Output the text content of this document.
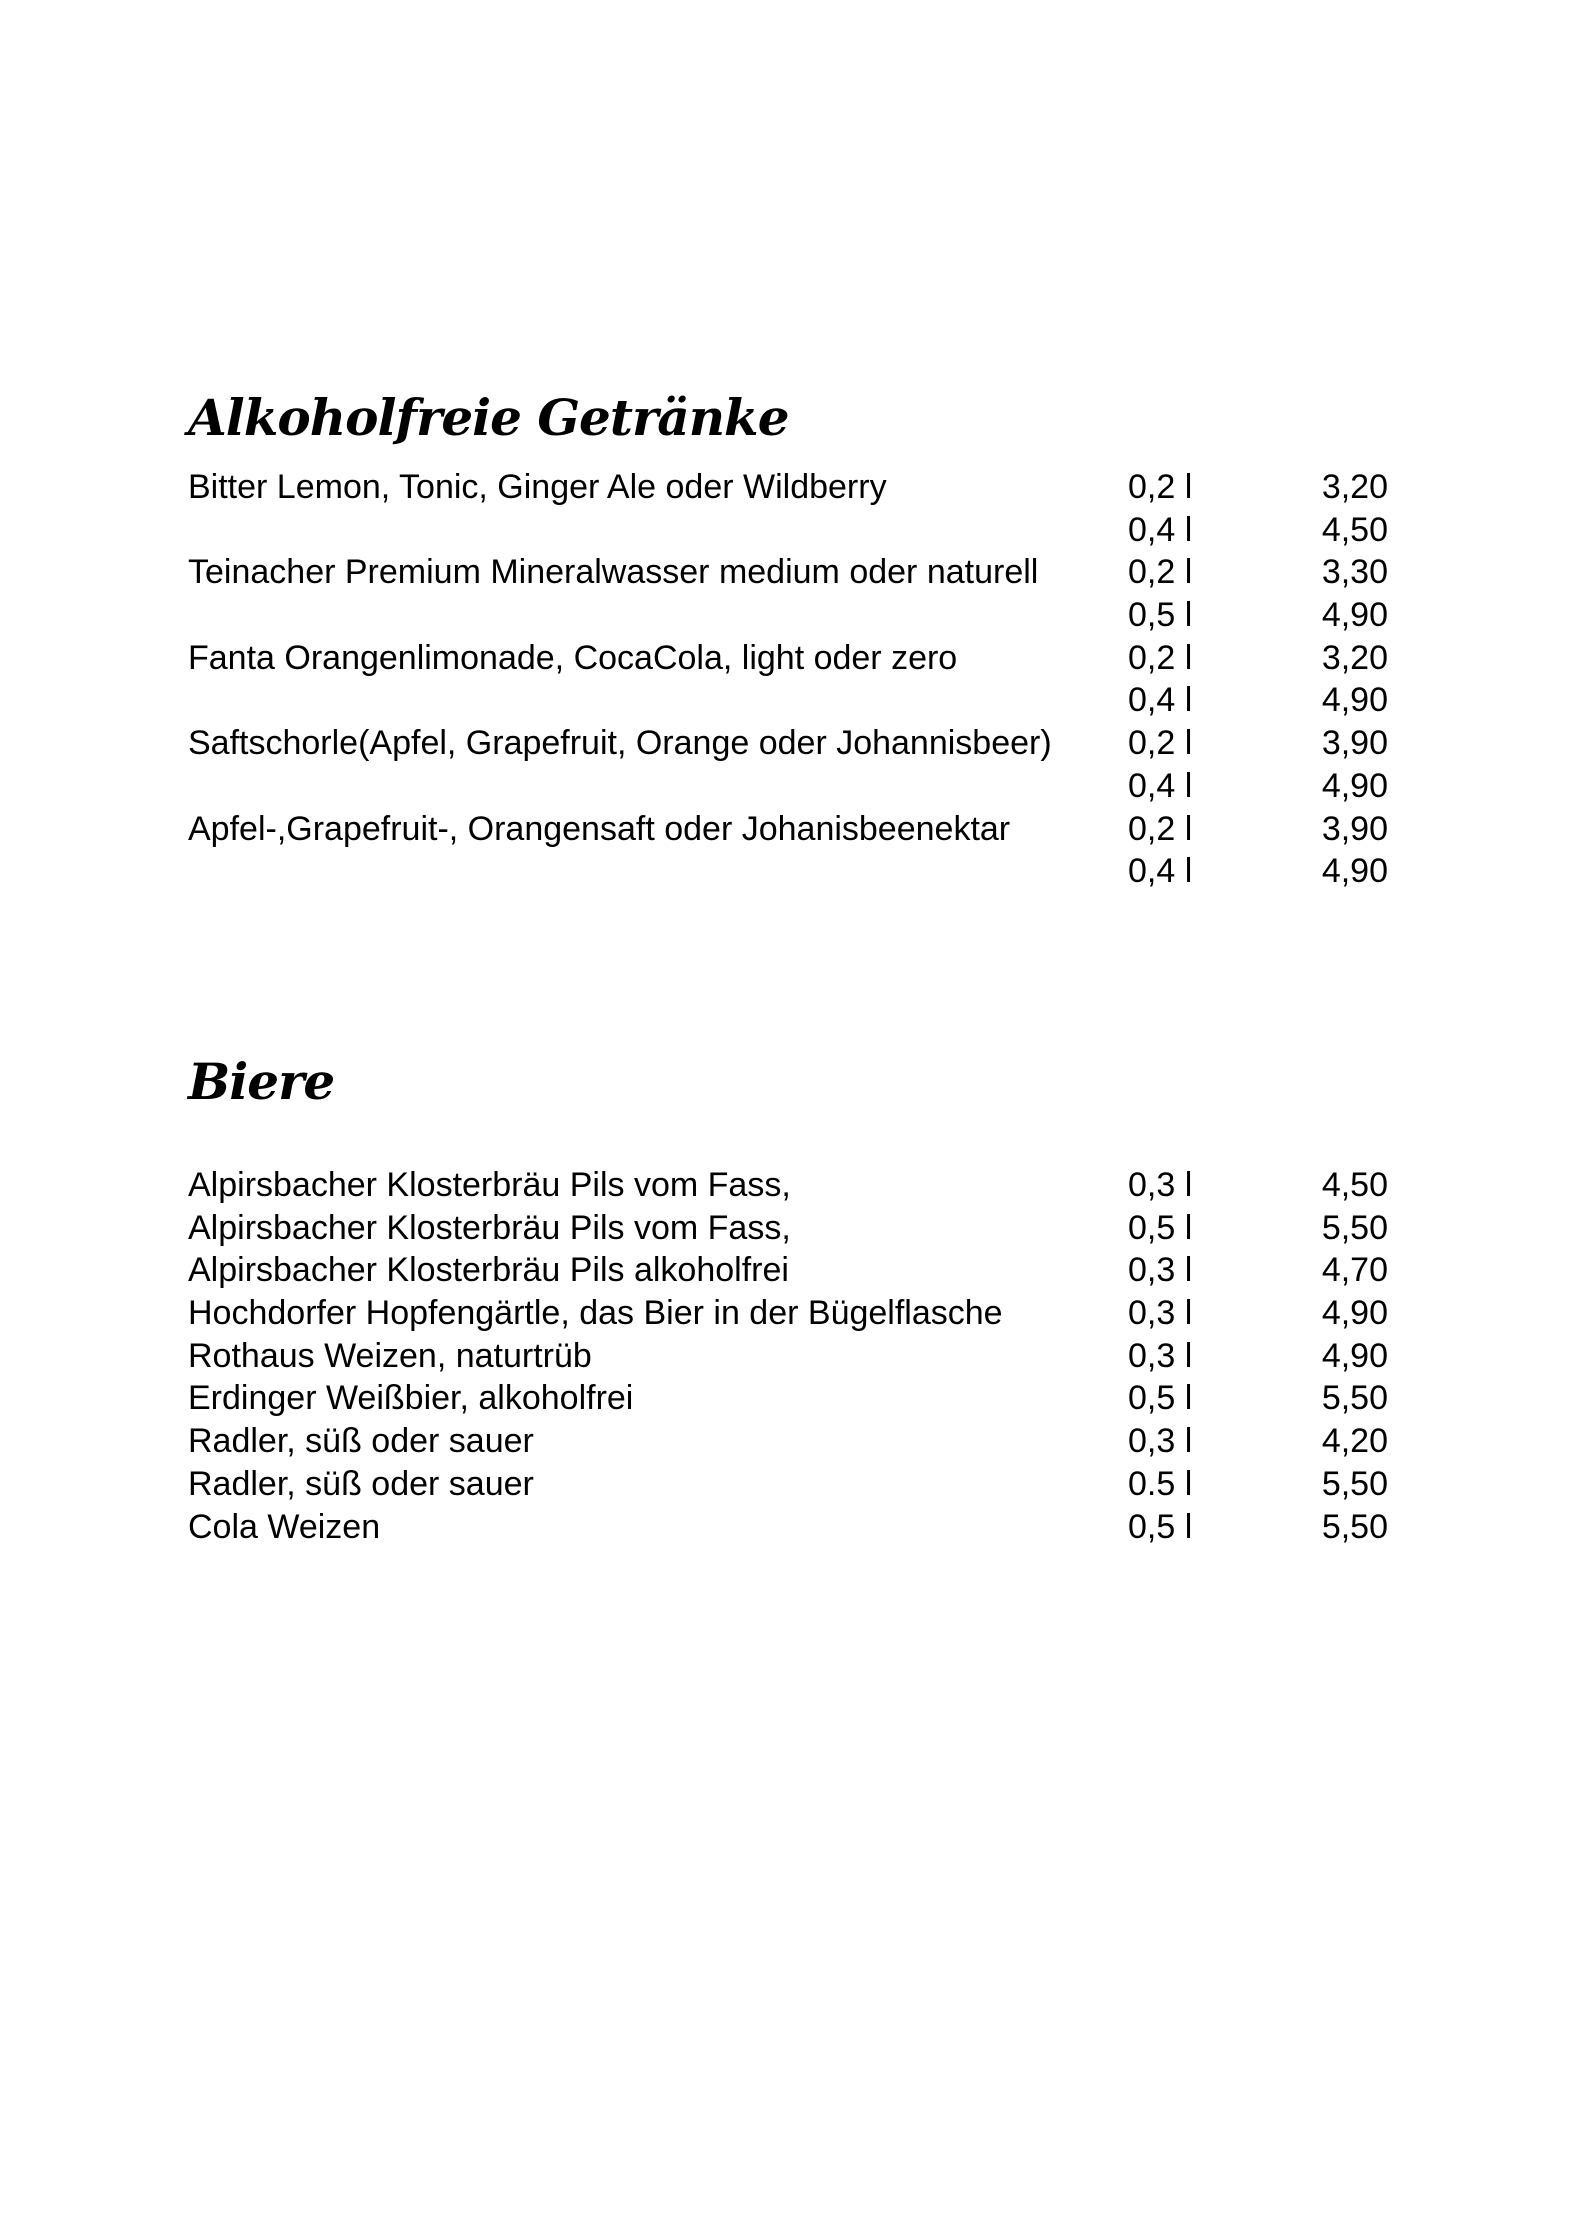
Alkoholfreie Getränke
Bitter Lemon, Tonic, Ginger Ale oder Wildberry	0,2 l	3,20
0,4 l	4,50
Teinacher Premium Mineralwasser medium oder naturell	0,2 l	3,30
0,5 l	4,90
Fanta Orangenlimonade, CocaCola, light oder zero	0,2 l	3,20
0,4 l	4,90
Saftschorle(Apfel, Grapefruit, Orange oder Johannisbeer) 0,2 l	3,90
0,4 l	4,90
Apfel-,Grapefruit-, Orangensaft oder Johanisbeenektar	0,2 l	3,90
0,4 l	4,90
Biere
Alpirsbacher Klosterbräu Pils vom Fass,	0,3 l	4,50
Alpirsbacher Klosterbräu Pils vom Fass,	0,5 l	5,50
Alpirsbacher Klosterbräu Pils alkoholfrei	0,3 l	4,70
Hochdorfer Hopfengärtle, das Bier in der Bügelflasche	0,3 l	4,90
Rothaus Weizen, naturtrüb	0,3 l	4,90
Erdinger Weißbier, alkoholfrei	0,5 l	5,50
Radler, süß oder sauer	0,3 l	4,20
Radler, süß oder sauer	0.5 l	5,50
Cola Weizen	0,5 l	5,50
